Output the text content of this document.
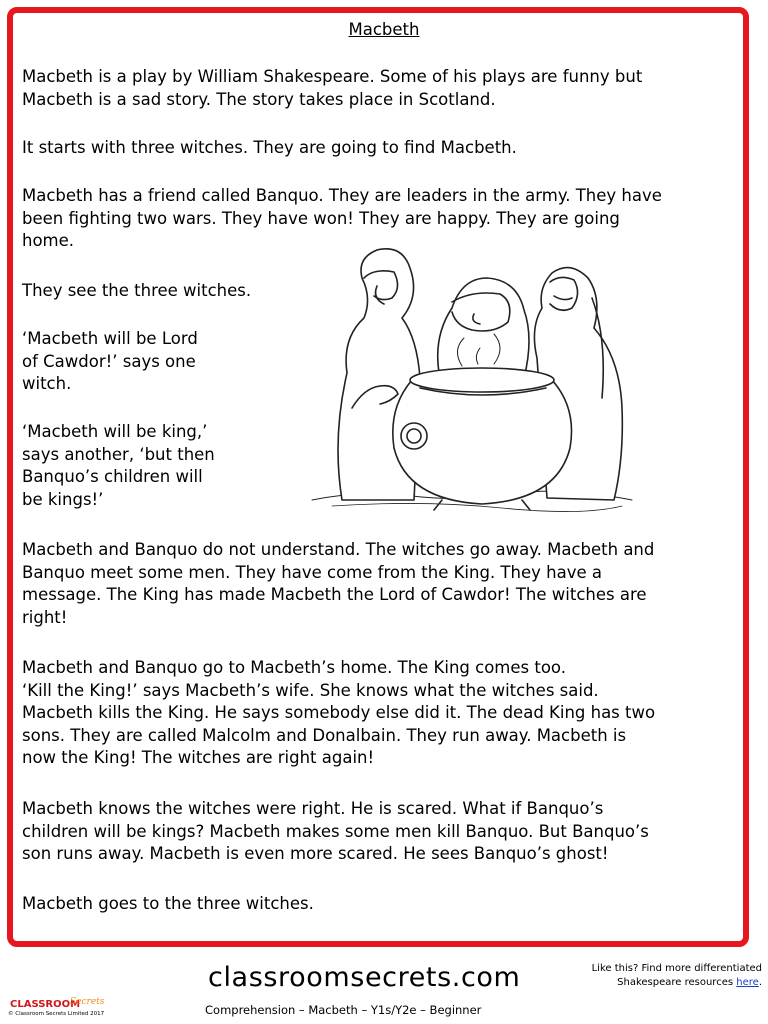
Macbeth

Macbeth is a play by William Shakespeare. Some of his plays are funny but
Macbeth is a sad story. The story takes place in Scotland.

It starts with three witches. They are going to find Macbeth.

Macbeth has a friend called Banquo. They are leaders in the army. They have
been fighting two wars. They have won! They are happy. They are going
home.

They see the three witches.

‘Macbeth will be Lord
of Cawdor!’ says one
witch.

‘Macbeth will be king,’
says another, ‘but then
Banquo’s children will
be kings!’

Macbeth and Banquo do not understand. The witches go away. Macbeth and
Banquo meet some men. They have come from the King. They have a
message. The King has made Macbeth the Lord of Cawdor! The witches are
right!

Macbeth and Banquo go to Macbeth’s home. The King comes too.
‘Kill the King!’ says Macbeth’s wife. She knows what the witches said.
Macbeth kills the King. He says somebody else did it. The dead King has two
sons. They are called Malcolm and Donalbain. They run away. Macbeth is
now the King! The witches are right again!

Macbeth knows the witches were right. He is scared. What if Banquo’s
children will be kings? Macbeth makes some men kill Banquo. But Banquo’s
son runs away. Macbeth is even more scared. He sees Banquo’s ghost!

Macbeth goes to the three witches.

CLASSROOM
Secrets
© Classroom Secrets Limited 2017
classroomsecrets.com
Comprehension – Macbeth – Y1s/Y2e – Beginner
Like this? Find more differentiated
Shakespeare resources here.
